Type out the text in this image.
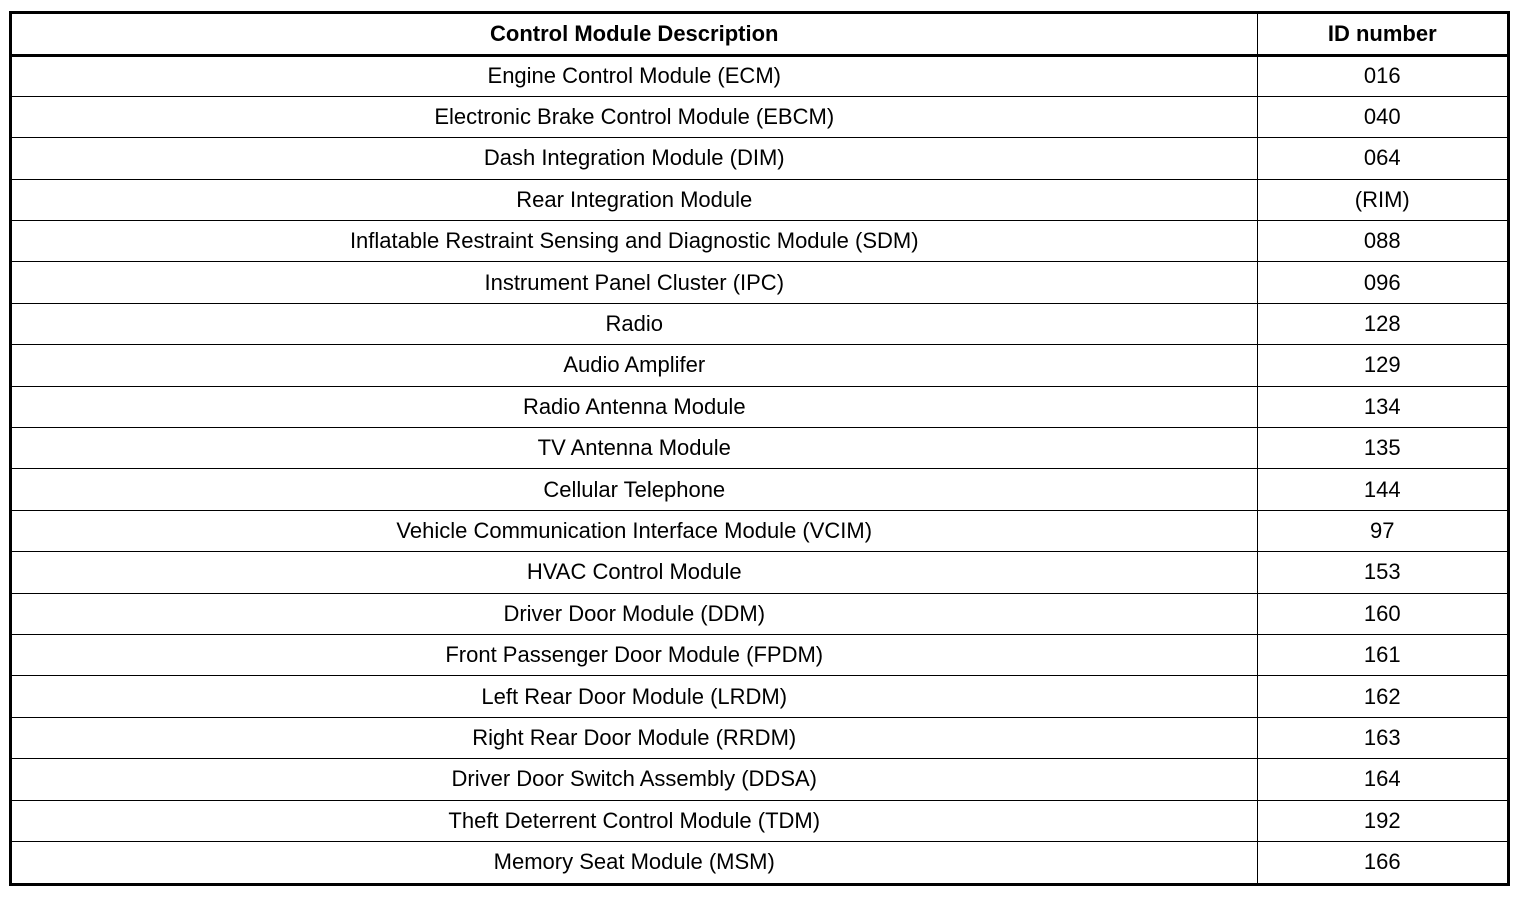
Control Module Description	ID number
Engine Control Module (ECM)	016
Electronic Brake Control Module (EBCM)	040
Dash Integration Module (DIM)	064
Rear Integration Module	(RIM)
Inflatable Restraint Sensing and Diagnostic Module (SDM)	088
Instrument Panel Cluster (IPC)	096
Radio	128
Audio Amplifer	129
Radio Antenna Module	134
TV Antenna Module	135
Cellular Telephone	144
Vehicle Communication Interface Module (VCIM)	97
HVAC Control Module	153
Driver Door Module (DDM)	160
Front Passenger Door Module (FPDM)	161
Left Rear Door Module (LRDM)	162
Right Rear Door Module (RRDM)	163
Driver Door Switch Assembly (DDSA)	164
Theft Deterrent Control Module (TDM)	192
Memory Seat Module (MSM)	166
